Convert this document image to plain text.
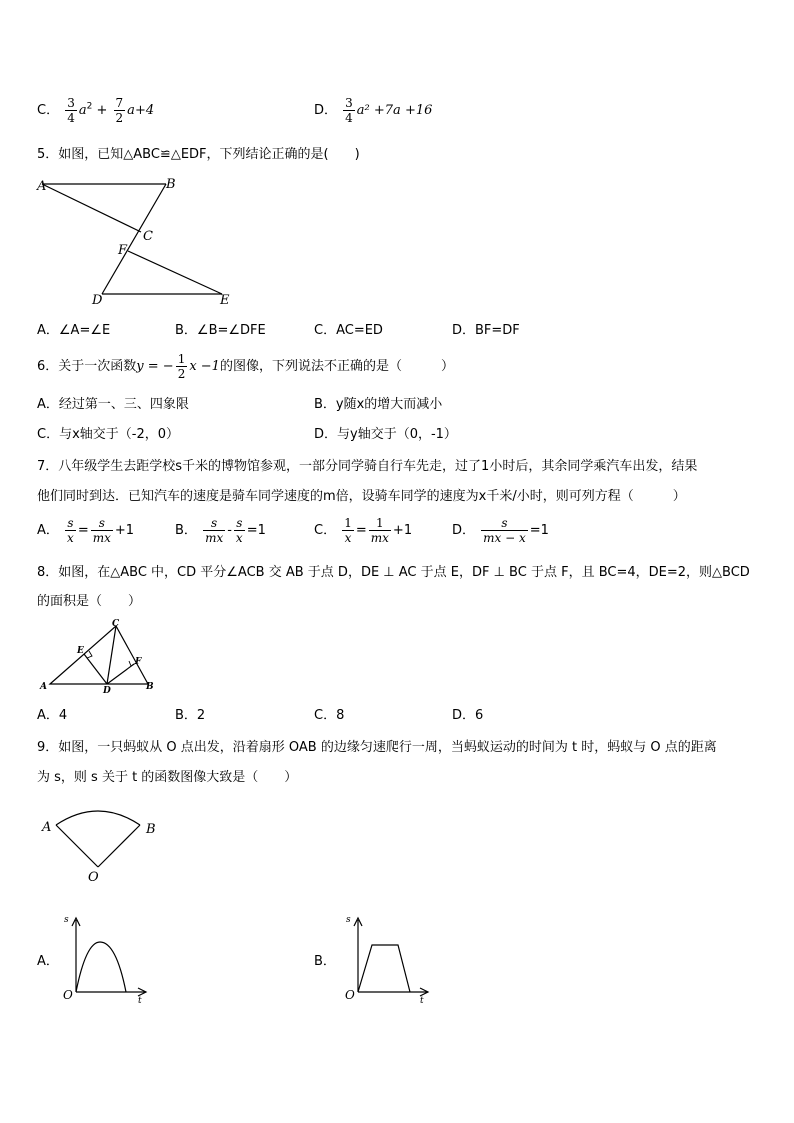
C． $\frac{3}{4} a^2 + \frac{7}{2} a+4$	D． $\frac{3}{4} a^2 +7a +16$
5．如图，已知△ABC≌△EDF，下列结论正确的是(　　)
A	B
C
F
D	E
A．∠A=∠E	B．∠B=∠DFE	C．AC=ED	D．BF=DF
6．关于一次函数y = − $\frac{1}{2}$ x −1的图像，下列说法不正确的是（　　　）
A．经过第一、三、四象限	B．y随x的增大而减小
C．与x轴交于（-2，0）	D．与y轴交于（0，-1）
7．八年级学生去距学校s千米的博物馆参观，一部分同学骑自行车先走，过了1小时后，其余同学乘汽车出发，结果
他们同时到达．已知汽车的速度是骑车同学速度的m倍，设骑车同学的速度为x千米/小时，则可列方程（　　　）
A． $\frac{s}{x} = \frac{s}{mx} +1$	B． $\frac{s}{mx} - \frac{s}{x} =1$	C． $\frac{1}{x} = \frac{1}{mx} +1$	D． $\frac{s}{mx - x} =1$
8．如图，在△ABC 中，CD 平分∠ACB 交 AB 于点 D，DE ⊥ AC 于点 E，DF ⊥ BC 于点 F，且 BC=4，DE=2，则△BCD
的面积是（　　）
C
E
F
A	D	B
A．4	B．2	C．8	D．6
9．如图，一只蚂蚁从 O 点出发，沿着扇形 OAB 的边缘匀速爬行一周，当蚂蚁运动的时间为 t 时，蚂蚁与 O 点的距离
为 s，则 s 关于 t 的函数图像大致是（　　）
A	B
O
A．
s
t
O
B．
s
t
O
